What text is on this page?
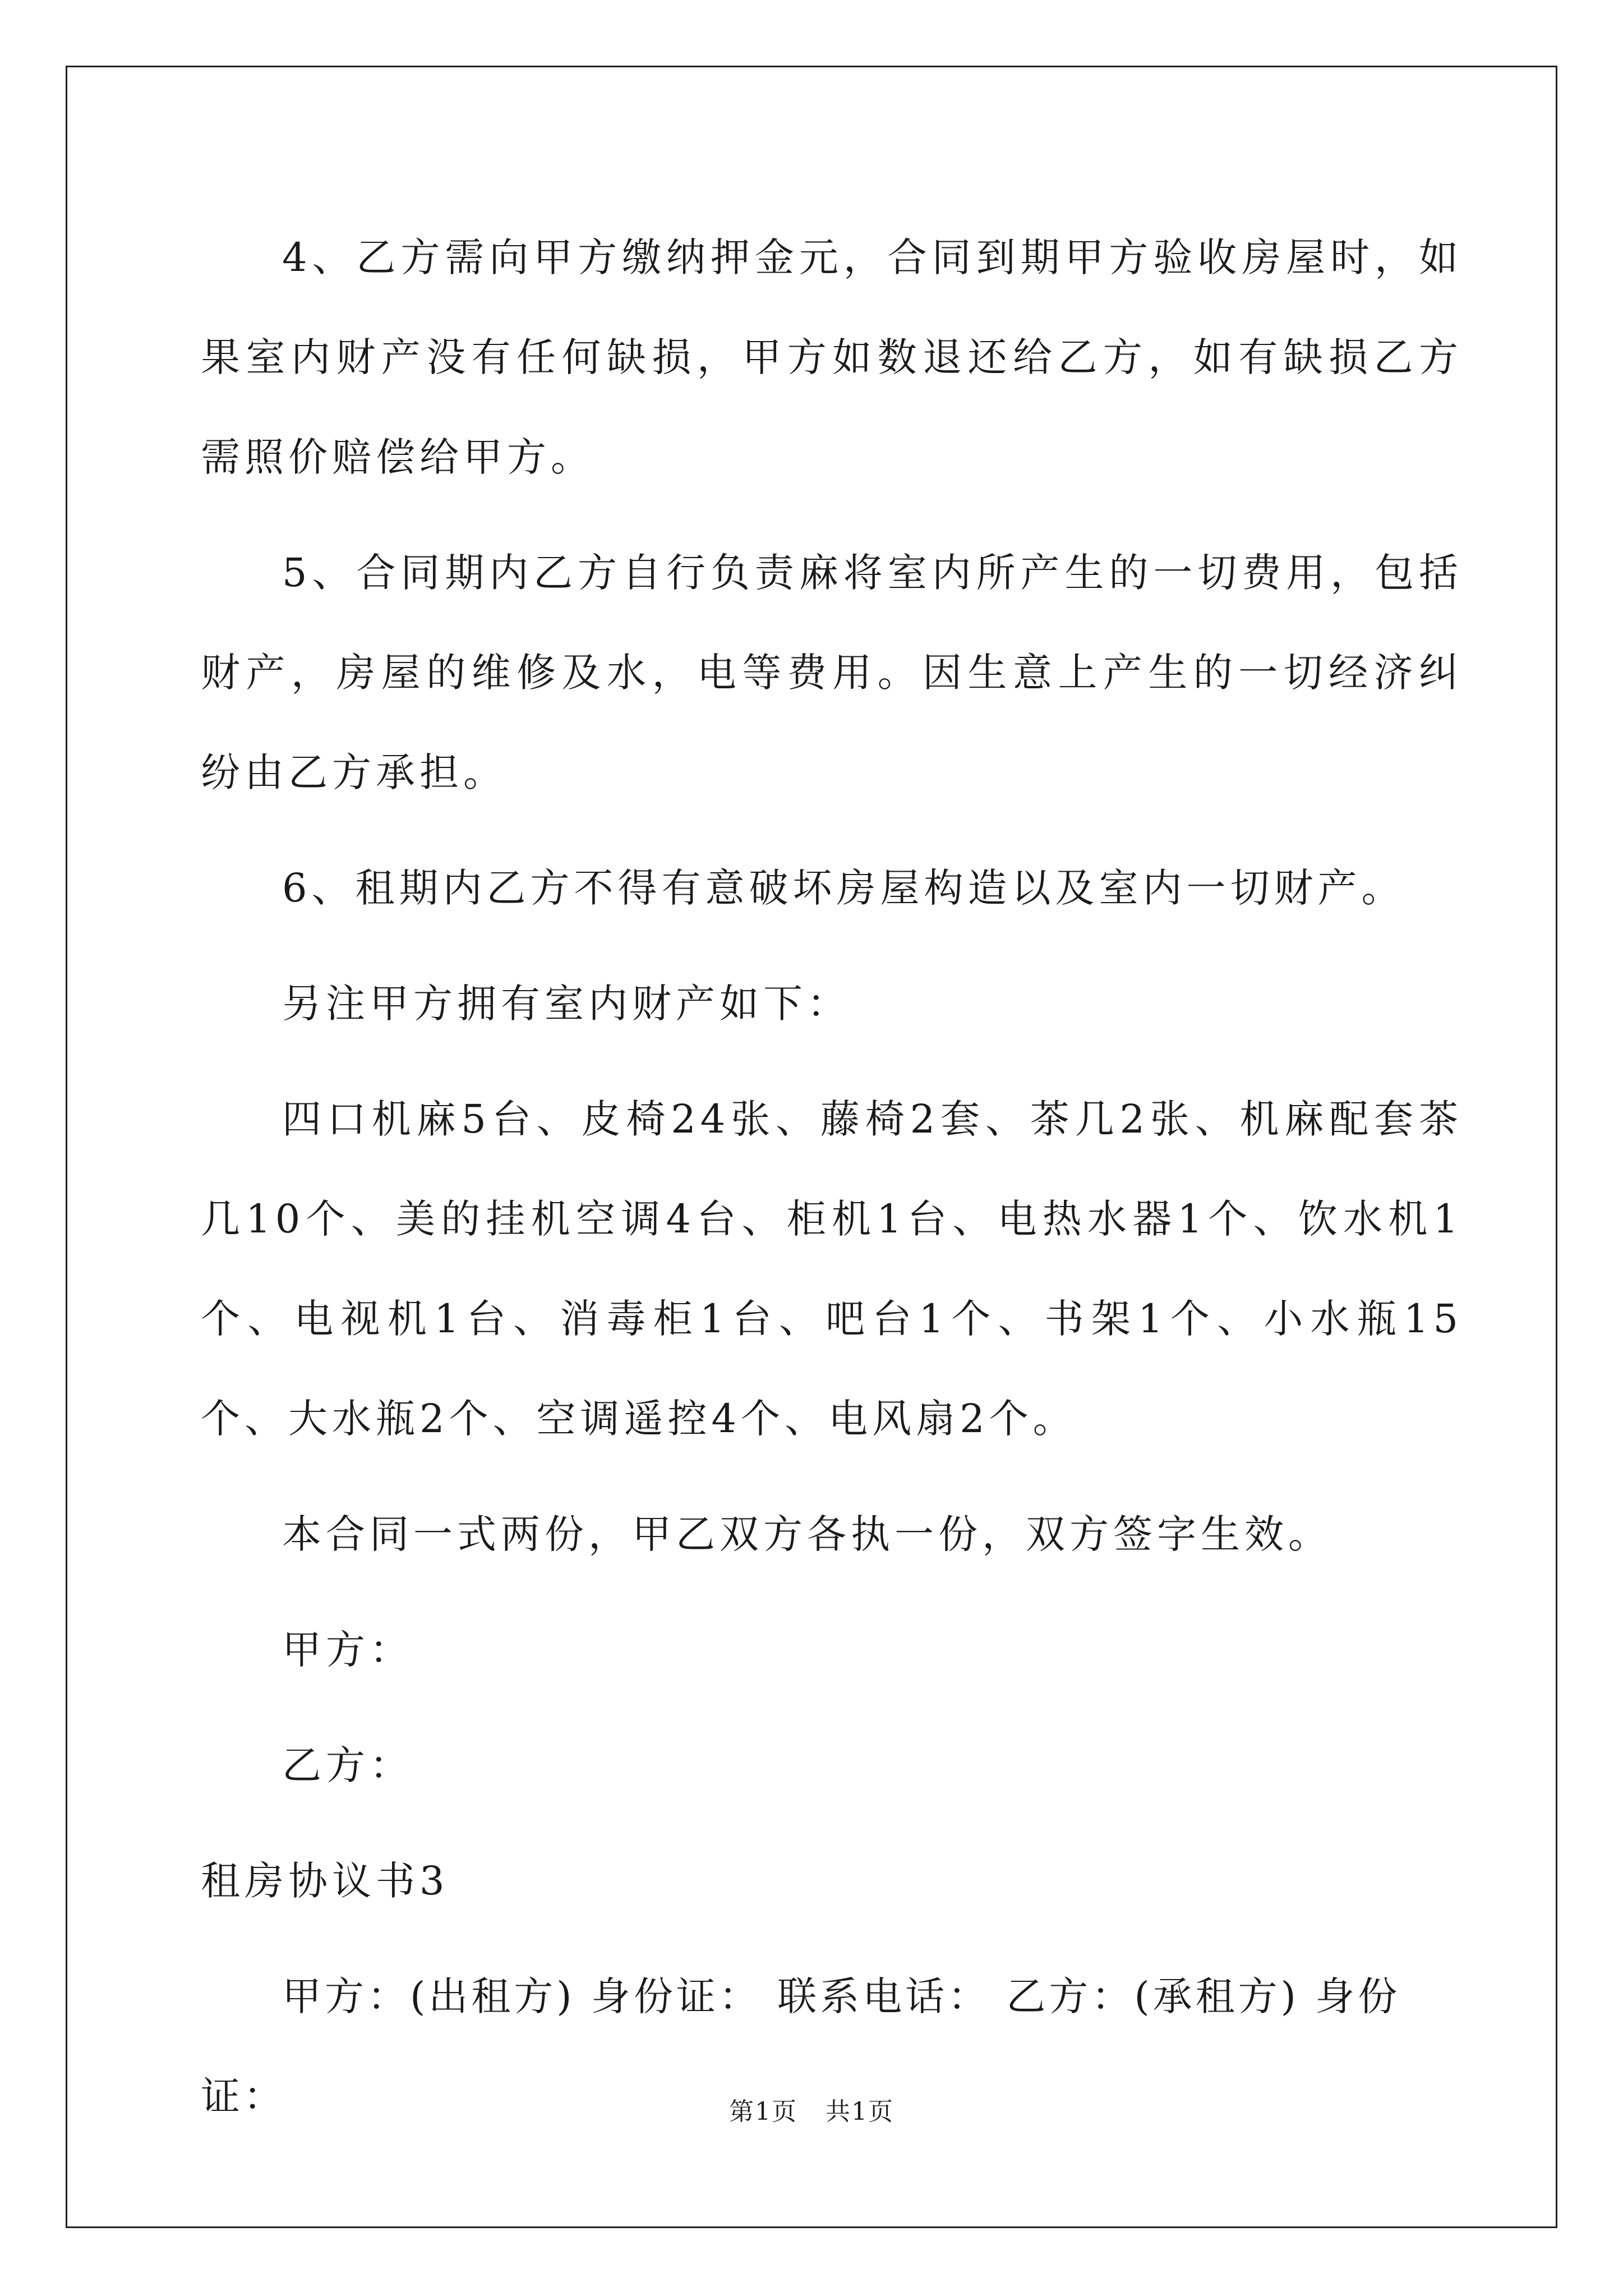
4、乙方需向甲方缴纳押金元，合同到期甲方验收房屋时，如果室内财产没有任何缺损，甲方如数退还给乙方，如有缺损乙方需照价赔偿给甲方。

5、合同期内乙方自行负责麻将室内所产生的一切费用，包括财产，房屋的维修及水，电等费用。因生意上产生的一切经济纠纷由乙方承担。

6、租期内乙方不得有意破坏房屋构造以及室内一切财产。

另注甲方拥有室内财产如下：

四口机麻5台、皮椅24张、藤椅2套、茶几2张、机麻配套茶几10个、美的挂机空调4台、柜机1台、电热水器1个、饮水机1个、电视机1台、消毒柜1台、吧台1个、书架1个、小水瓶15个、大水瓶2个、空调遥控4个、电风扇2个。

本合同一式两份，甲乙双方各执一份，双方签字生效。

甲方：

乙方：

租房协议书3

甲方：(出租方) 身份证： 联系电话： 乙方：(承租方) 身份证：	第1页 共1页
